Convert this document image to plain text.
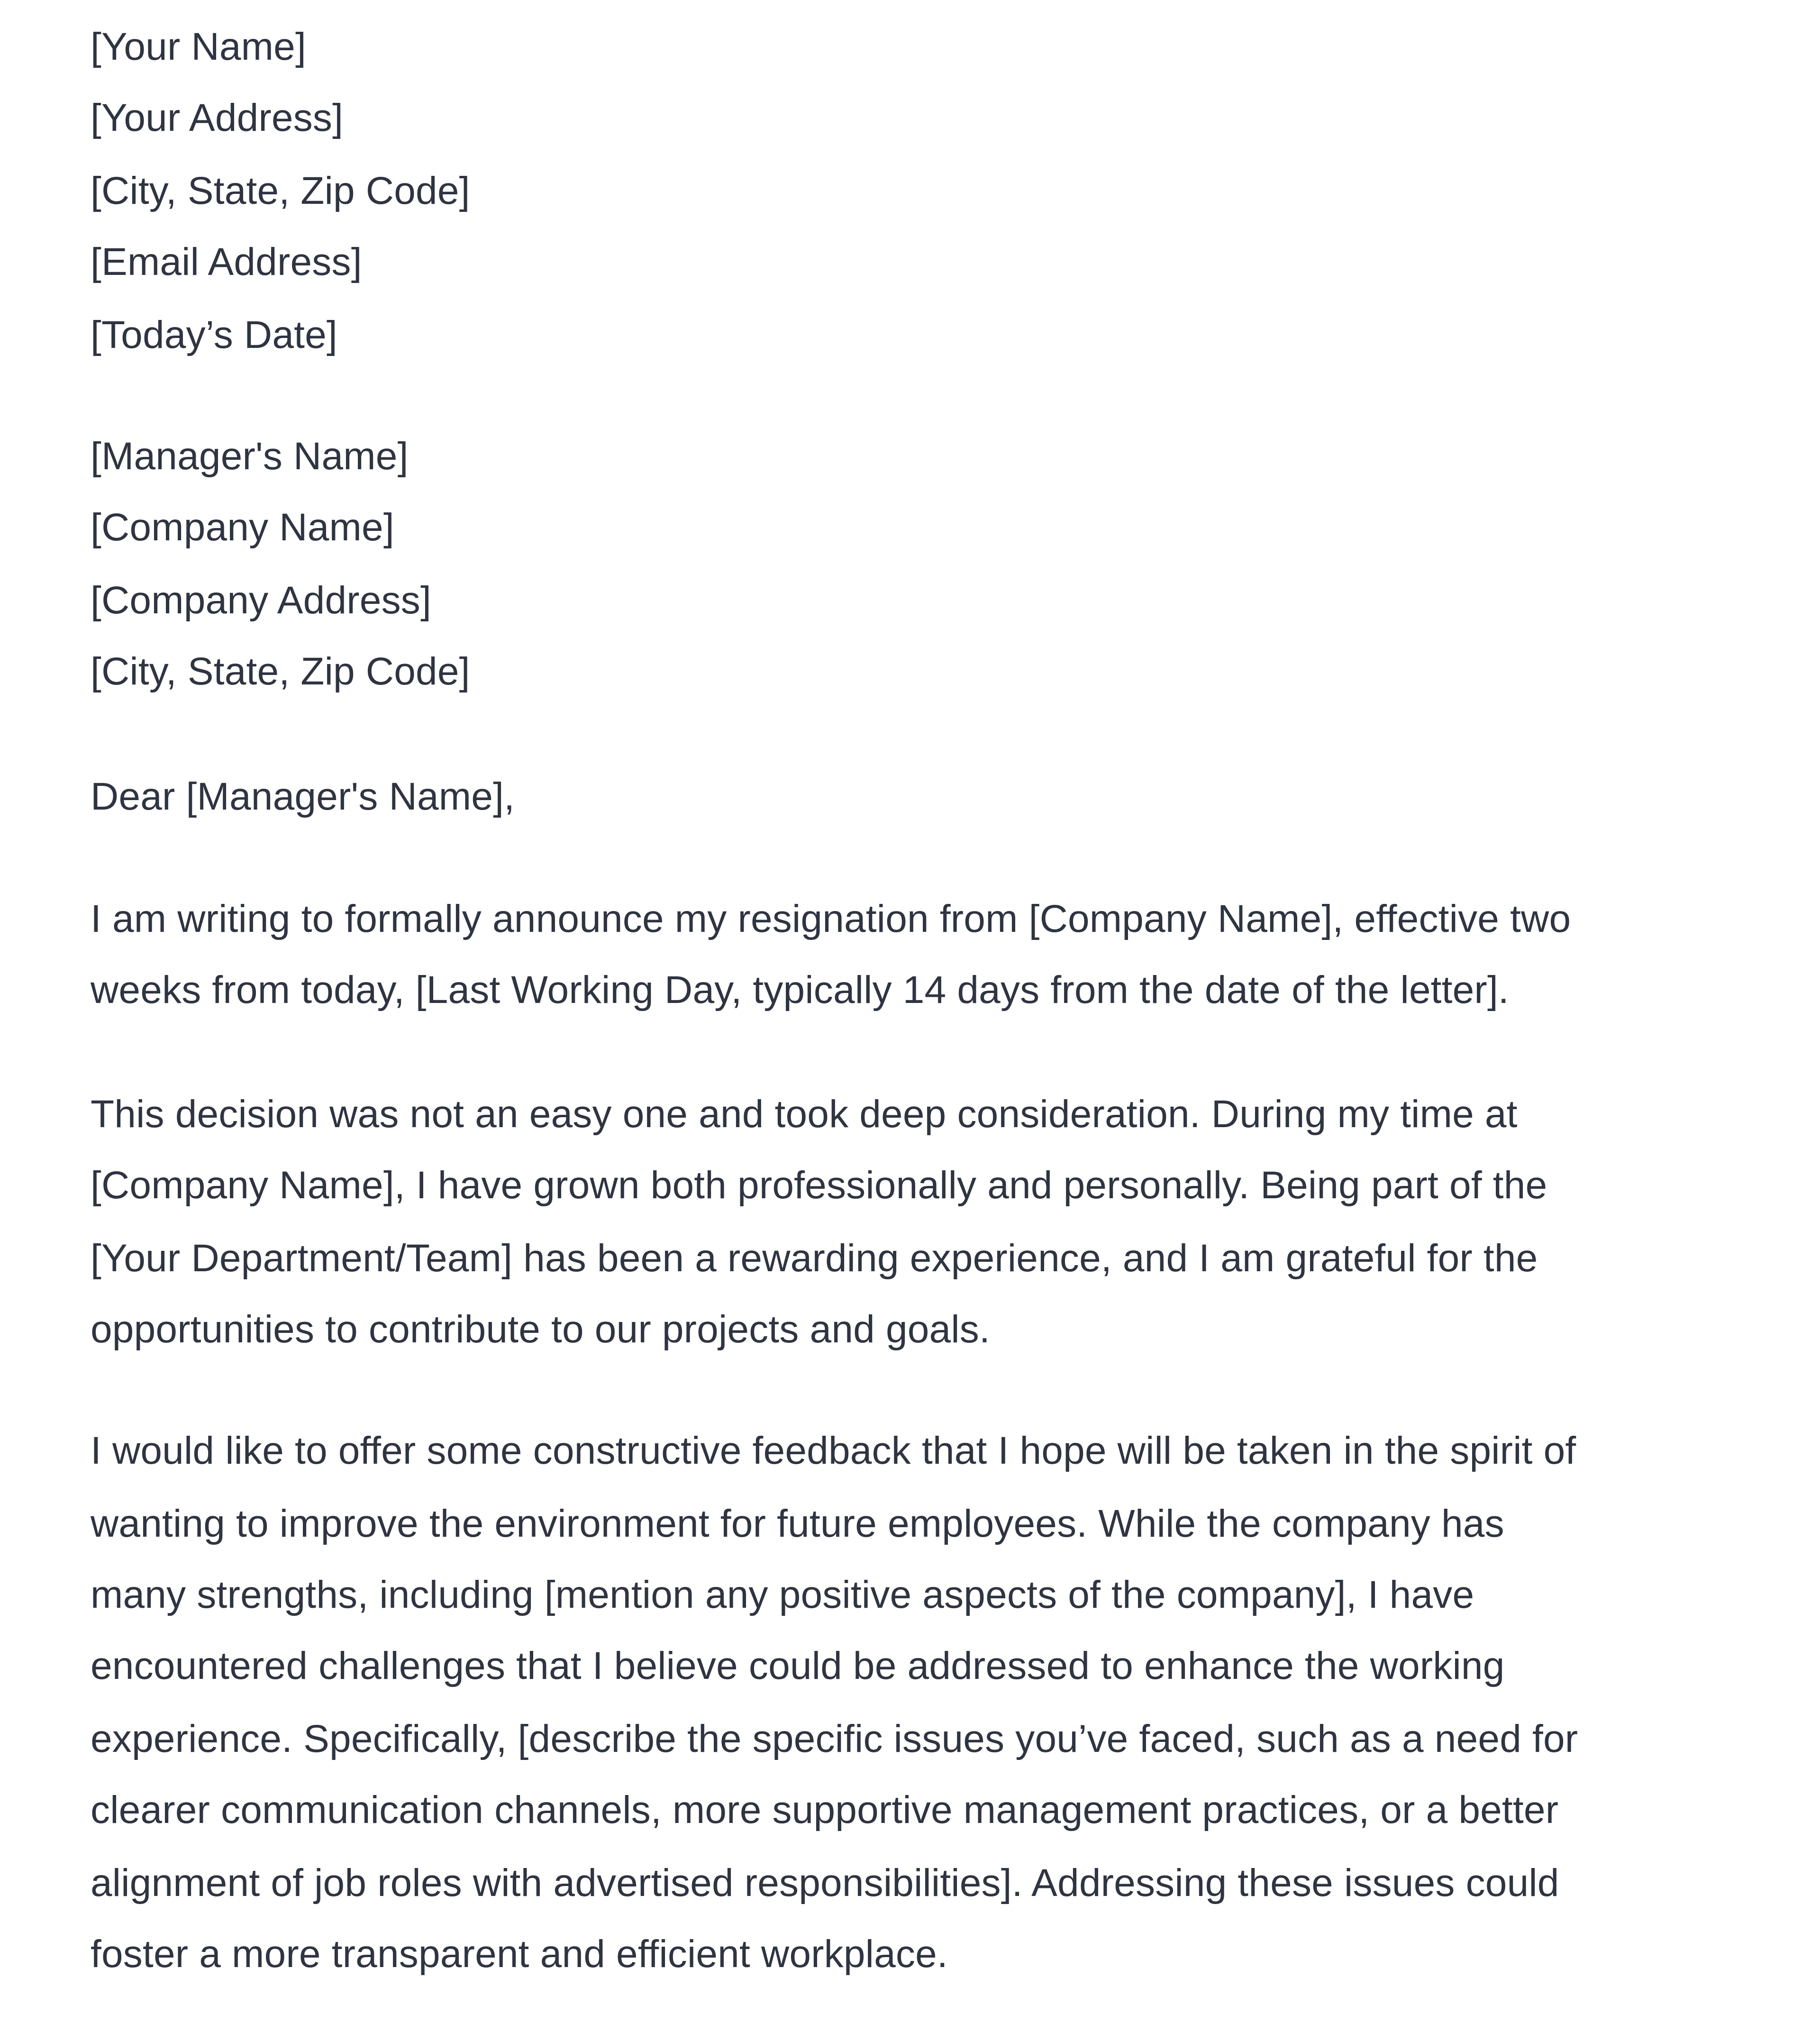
[Your Name]
[Your Address]
[City, State, Zip Code]
[Email Address]
[Today’s Date]
[Manager's Name]
[Company Name]
[Company Address]
[City, State, Zip Code]
Dear [Manager's Name],
I am writing to formally announce my resignation from [Company Name], effective two
weeks from today, [Last Working Day, typically 14 days from the date of the letter].
This decision was not an easy one and took deep consideration. During my time at
[Company Name], I have grown both professionally and personally. Being part of the
[Your Department/Team] has been a rewarding experience, and I am grateful for the
opportunities to contribute to our projects and goals.
I would like to offer some constructive feedback that I hope will be taken in the spirit of
wanting to improve the environment for future employees. While the company has
many strengths, including [mention any positive aspects of the company], I have
encountered challenges that I believe could be addressed to enhance the working
experience. Specifically, [describe the specific issues you’ve faced, such as a need for
clearer communication channels, more supportive management practices, or a better
alignment of job roles with advertised responsibilities]. Addressing these issues could
foster a more transparent and efficient workplace.
